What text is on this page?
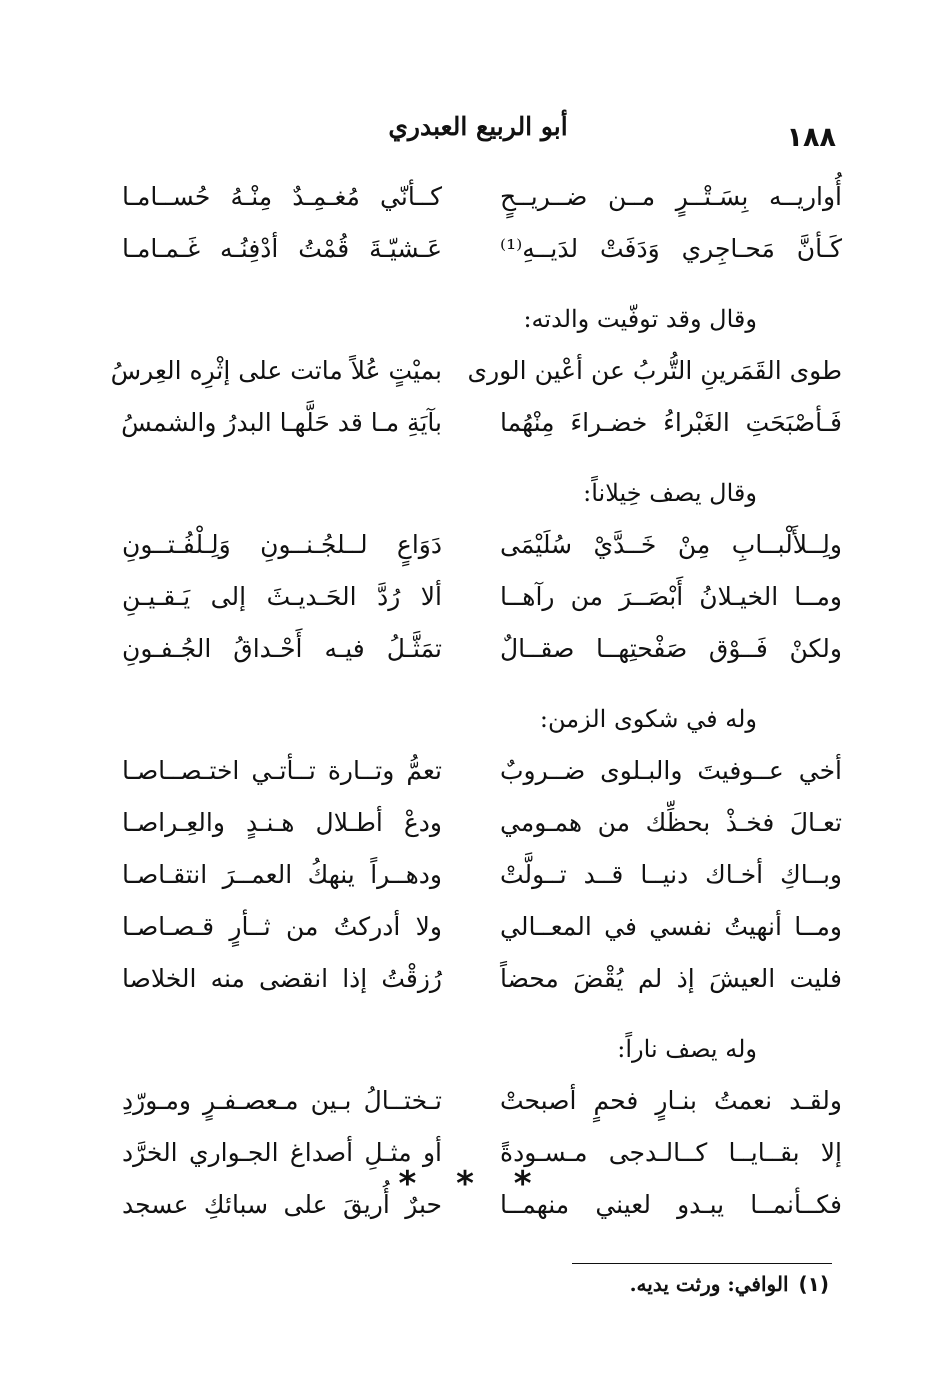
١٨٨
أبو الربيع العبدري
أُواريــه بِسَـتْــرٍ مــن ضــريــحٍ
كــأنّي مُغـمِـدٌ مِنْـهُ حُســامـا
كَـأنَّ مَحـاجِري وَدَفَتْ لدَيــهِ⁽¹⁾
عَـشيّـةَ قُمْتُ أدْفِنُـه غَـمـامـا
وقال وقد توفّيت والدته:
طوى القَمَرينِ التُّربُ عن أعْين الورى
بميْتٍ عُلاً ماتت على إثْرِه العِرسُ
فَـأصْبَحَتِ الغَبْراءُ خضـراءَ مِنْهُما
بآيَةِ مـا قد حَلَّهـا البدرُ والشمسُ
وقال يصف خِيلاناً:
ولِــلأَلْبــابِ مِنْ خَــدَّيْ سُلَيْمَى
دَوَاعٍ لــلجُـنــونِ وَلِـلْفُـتــونِ
ومــا الخيـلانُ أَبْصَــرَ من رآهــا
ألا رُدَّ الحَـديـثَ إلى يَـقـيـنِ
ولكنْ فَــوْق صَفْحتِهــا صقــالٌ
تمَثَّـلُ فيـه أَحْـداقُ الجُـفـونِ
وله في شكوى الزمن:
أخي عــوفيتَ والبـلوى ضــروبٌ
تعمُّ وتــارة تــأتـي اختـصــاصـا
تعـالَ فخـذْ بحظِّك من همـومي
ودعْ أطـلال هـنـدٍ والعِـراصـا
وبــاكِ أخـاك دنيــا قــد تــولَّتْ
ودهــراً ينهكُ العمــرَ انتقـاصـا
ومــا أنهيتُ نفسي في المعــالي
ولا أدركتُ من ثــأرٍ قـصـاصـا
فليت العيشَ إذ لم يُقْضَ محضاً
رُزقْتُ إذا انقضى منه الخلاصا
وله يصف ناراً:
ولقـد نعمتُ بنـارٍ فحمٍ أصبحتْ
تـختــالُ بـين مـعصـفـرٍ ومـورّدِ
إلا بقــايــا كــالـدجى مـسـودةً
أو مثـلِ أصداغ الجـواري الخرَّد
فكــأنمــا يبـدو لعيني منهمــا
حبرٌ أُريقَ على سبائكِ عسجد
* * *
(١)الوافي: ورثت يديه.
